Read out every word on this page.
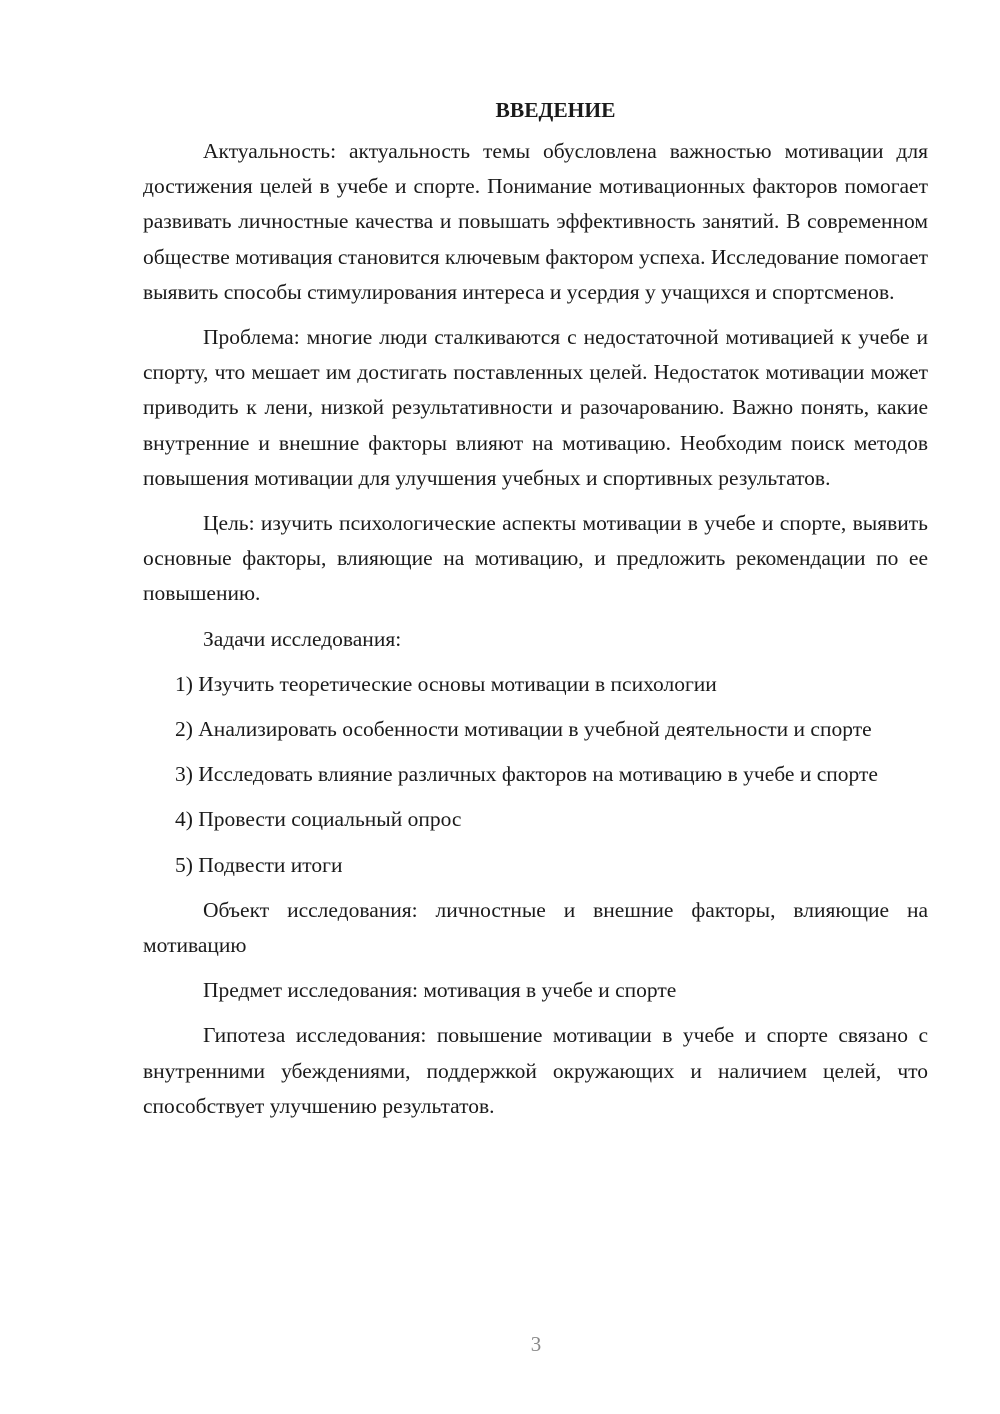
ВВЕДЕНИЕ

Актуальность: актуальность темы обусловлена важностью мотивации для достижения целей в учебе и спорте. Понимание мотивационных факторов помогает развивать личностные качества и повышать эффективность занятий. В современном обществе мотивация становится ключевым фактором успеха. Исследование помогает выявить способы стимулирования интереса и усердия у учащихся и спортсменов.

Проблема: многие люди сталкиваются с недостаточной мотивацией к учебе и спорту, что мешает им достигать поставленных целей. Недостаток мотивации может приводить к лени, низкой результативности и разочарованию. Важно понять, какие внутренние и внешние факторы влияют на мотивацию. Необходим поиск методов повышения мотивации для улучшения учебных и спортивных результатов.

Цель: изучить психологические аспекты мотивации в учебе и спорте, выявить основные факторы, влияющие на мотивацию, и предложить рекомендации по ее повышению.

Задачи исследования:

1) Изучить теоретические основы мотивации в психологии

2) Анализировать особенности мотивации в учебной деятельности и спорте

3) Исследовать влияние различных факторов на мотивацию в учебе и спорте

4) Провести социальный опрос

5) Подвести итоги

Объект исследования: личностные и внешние факторы, влияющие на мотивацию

Предмет исследования: мотивация в учебе и спорте

Гипотеза исследования: повышение мотивации в учебе и спорте связано с внутренними убеждениями, поддержкой окружающих и наличием целей, что способствует улучшению результатов.

3
